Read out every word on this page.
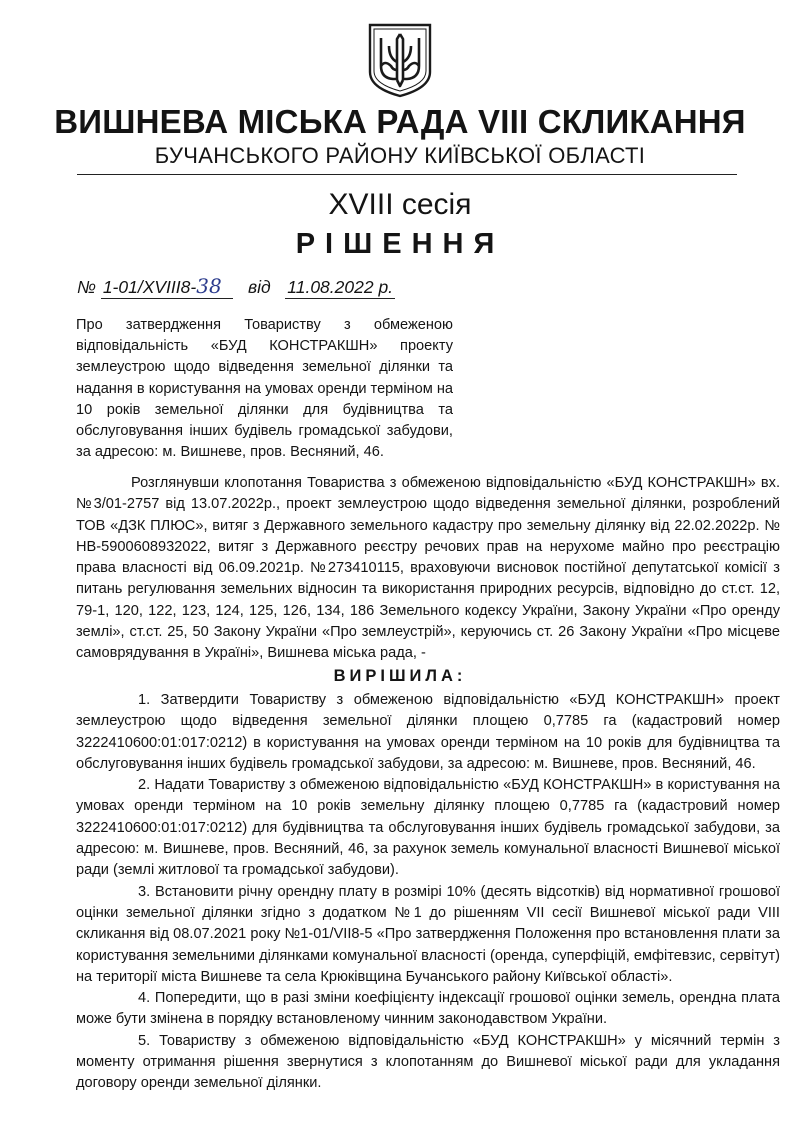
ВИШНЕВА МІСЬКА РАДА VIII СКЛИКАННЯ
БУЧАНСЬКОГО РАЙОНУ КИЇВСЬКОЇ ОБЛАСТІ
XVIII сесія
РІШЕННЯ
№ 1-01/XVIII8-38 від 11.08.2022 р.
Про затвердження Товариству з обмеженою відповідальність «БУД КОНСТРАКШН» проекту землеустрою щодо відведення земельної ділянки та надання в користування на умовах оренди терміном на 10 років земельної ділянки для будівництва та обслуговування інших будівель громадської забудови, за адресою: м. Вишневе, пров. Весняний, 46.
Розглянувши клопотання Товариства з обмеженою відповідальністю «БУД КОНСТРАКШН» вх.№3/01-2757 від 13.07.2022р., проект землеустрою щодо відведення земельної ділянки, розроблений ТОВ «ДЗК ПЛЮС», витяг з Державного земельного кадастру про земельну ділянку від 22.02.2022р. № НВ-5900608932022, витяг з Державного реєстру речових прав на нерухоме майно про реєстрацію права власності від 06.09.2021р. №273410115, враховуючи висновок постійної депутатської комісії з питань регулювання земельних відносин та використання природних ресурсів, відповідно до ст.ст. 12, 79-1, 120, 122, 123, 124, 125, 126, 134, 186 Земельного кодексу України, Закону України «Про оренду землі», ст.ст. 25, 50 Закону України «Про землеустрій», керуючись ст. 26 Закону України «Про місцеве самоврядування в Україні», Вишнева міська рада, -
ВИРІШИЛА:

1. Затвердити Товариству з обмеженою відповідальністю «БУД КОНСТРАКШН» проект землеустрою щодо відведення земельної ділянки площею 0,7785 га (кадастровий номер 3222410600:01:017:0212) в користування на умовах оренди терміном на 10 років для будівництва та обслуговування інших будівель громадської забудови, за адресою: м. Вишневе, пров. Весняний, 46.

2. Надати Товариству з обмеженою відповідальністю «БУД КОНСТРАКШН» в користування на умовах оренди терміном на 10 років земельну ділянку площею 0,7785 га (кадастровий номер 3222410600:01:017:0212) для будівництва та обслуговування інших будівель громадської забудови, за адресою: м. Вишневе, пров. Весняний, 46, за рахунок земель комунальної власності Вишневої міської ради (землі житлової та громадської забудови).

3. Встановити річну орендну плату в розмірі 10% (десять відсотків) від нормативної грошової оцінки земельної ділянки згідно з додатком №1 до рішенням VII сесії Вишневої міської ради VIII скликання від 08.07.2021 року №1-01/VII8-5 «Про затвердження Положення про встановлення плати за користування земельними ділянками комунальної власності (оренда, суперфіцій, емфітевзис, сервітут) на території міста Вишневе та села Крюківщина Бучанського району Київської області».

4. Попередити, що в разі зміни коефіцієнту індексації грошової оцінки земель, орендна плата може бути змінена в порядку встановленому чинним законодавством України.

5. Товариству з обмеженою відповідальністю «БУД КОНСТРАКШН» у місячний термін з моменту отримання рішення звернутися з клопотанням до Вишневої міської ради для укладання договору оренди земельної ділянки.
